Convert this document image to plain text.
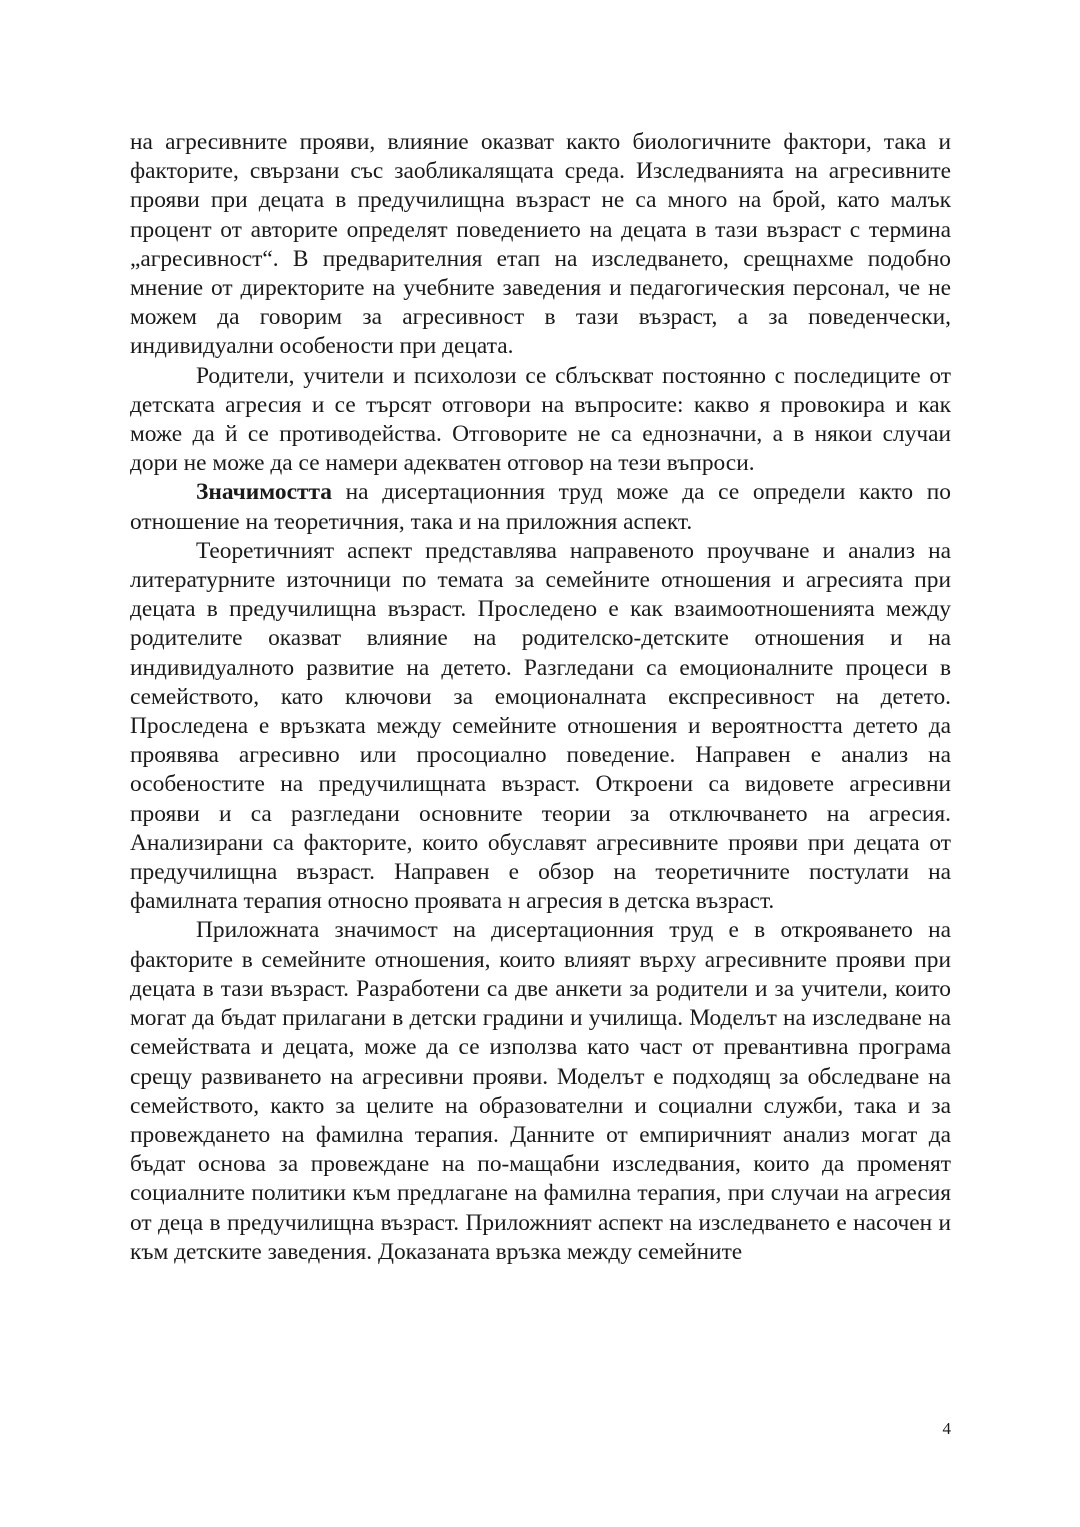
на агресивните прояви, влияние оказват както биологичните фактори, така и факторите, свързани със заобликалящата среда. Изследванията на агресивните прояви при децата в предучилищна възраст не са много на брой, като малък процент от авторите определят поведението на децата в тази възраст с термина „агресивност“. В предварителния етап на изследването, срещнахме подобно мнение от директорите на учебните заведения и педагогическия персонал, че не можем да говорим за агресивност в тази възраст, а за поведенчески, индивидуални особености при децата.

Родители, учители и психолози се сблъскват постоянно с последиците от детската агресия и се търсят отговори на въпросите: какво я провокира и как може да й се противодейства. Отговорите не са еднозначни, а в някои случаи дори не може да се намери адекватен отговор на тези въпроси.

Значимостта на дисертационния труд може да се определи както по отношение на теоретичния, така и на приложния аспект.

Теоретичният аспект представлява направеното проучване и анализ на литературните източници по темата за семейните отношения и агресията при децата в предучилищна възраст. Проследено е как взаимоотношенията между родителите оказват влияние на родителско-детските отношения и на индивидуалното развитие на детето. Разгледани са емоционалните процеси в семейството, като ключови за емоционалната експресивност на детето. Проследена е връзката между семейните отношения и вероятността детето да проявява агресивно или просоциално поведение. Направен е анализ на особеностите на предучилищната възраст. Откроени са видовете агресивни прояви и са разгледани основните теории за отключването на агресия. Анализирани са факторите, които обуславят агресивните прояви при децата от предучилищна възраст. Направен е обзор на теоретичните постулати на фамилната терапия относно проявата н агресия в детска възраст.

Приложната значимост на дисертационния труд е в открояването на факторите в семейните отношения, които влияят върху агресивните прояви при децата в тази възраст. Разработени са две анкети за родители и за учители, които могат да бъдат прилагани в детски градини и училища. Моделът на изследване на семействата и децата, може да се използва като част от превантивна програма срещу развиването на агресивни прояви. Моделът е подходящ за обследване на семейството, както за целите на образователни и социални служби, така и за провеждането на фамилна терапия. Данните от емпиричният анализ могат да бъдат основа за провеждане на по-мащабни изследвания, които да променят социалните политики към предлагане на фамилна терапия, при случаи на агресия от деца в предучилищна възраст. Приложният аспект на изследването е насочен и към детските заведения. Доказаната връзка между семейните

4
